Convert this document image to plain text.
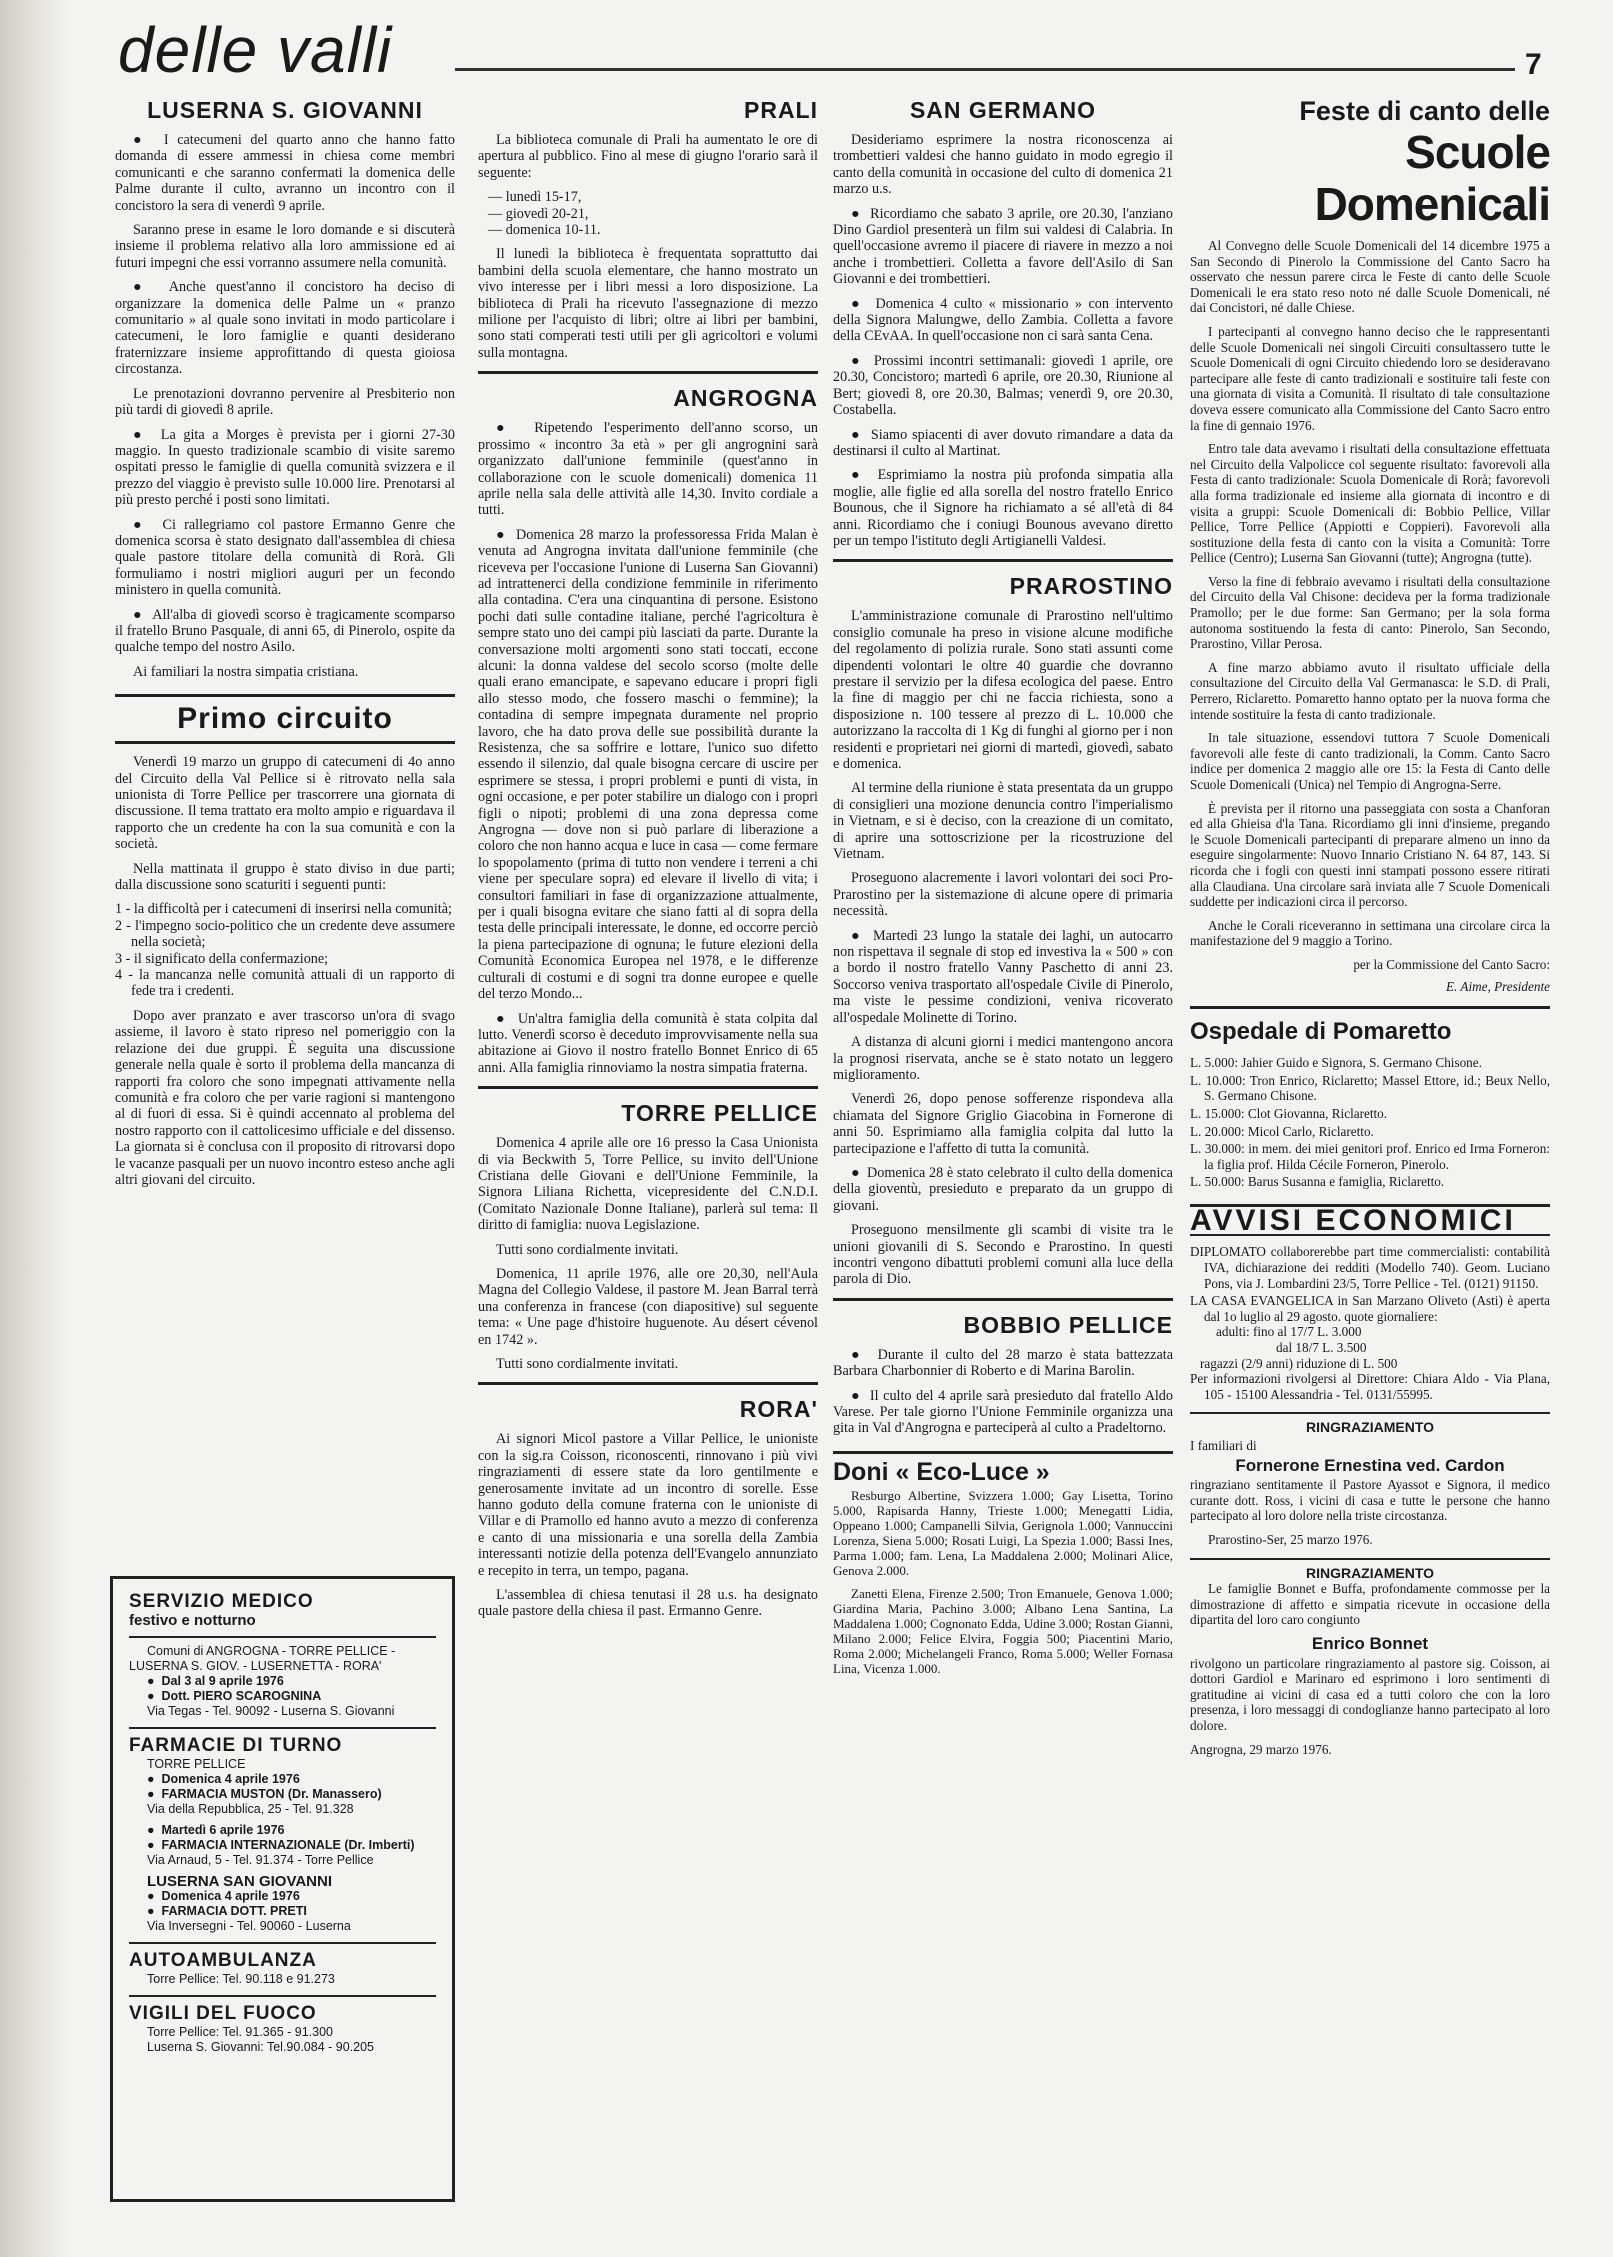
delle valli	7
LUSERNA S. GIOVANNI

●  I catecumeni del quarto anno che hanno fatto domanda di essere ammessi in chiesa come membri comunicanti e che saranno confermati la domenica delle Palme durante il culto, avranno un incontro con il concistoro la sera di venerdì 9 aprile.

Saranno prese in esame le loro domande e si discuterà insieme il problema relativo alla loro ammissione ed ai futuri impegni che essi vorranno assumere nella comunità.

●  Anche quest'anno il concistoro ha deciso di organizzare la domenica delle Palme un « pranzo comunitario » al quale sono invitati in modo particolare i catecumeni, le loro famiglie e quanti desiderano fraternizzare insieme approfittando di questa gioiosa circostanza.

Le prenotazioni dovranno pervenire al Presbiterio non più tardi di giovedì 8 aprile.

●  La gita a Morges è prevista per i giorni 27-30 maggio. In questo tradizionale scambio di visite saremo ospitati presso le famiglie di quella comunità svizzera e il prezzo del viaggio è previsto sulle 10.000 lire. Prenotarsi al più presto perché i posti sono limitati.

●  Ci rallegriamo col pastore Ermanno Genre che domenica scorsa è stato designato dall'assemblea di chiesa quale pastore titolare della comunità di Rorà. Gli formuliamo i nostri migliori auguri per un fecondo ministero in quella comunità.

●  All'alba di giovedì scorso è tragicamente scomparso il fratello Bruno Pasquale, di anni 65, di Pinerolo, ospite da qualche tempo del nostro Asilo.

Ai familiari la nostra simpatia cristiana.

Primo circuito

Venerdì 19 marzo un gruppo di catecumeni di 4o anno del Circuito della Val Pellice si è ritrovato nella sala unionista di Torre Pellice per trascorrere una giornata di discussione. Il tema trattato era molto ampio e riguardava il rapporto che un credente ha con la sua comunità e con la società.

Nella mattinata il gruppo è stato diviso in due parti; dalla discussione sono scaturiti i seguenti punti:

1 - la difficoltà per i catecumeni di inserirsi nella comunità;
2 - l'impegno socio-politico che un credente deve assumere nella società;
3 - il significato della confermazione;
4 - la mancanza nelle comunità attuali di un rapporto di fede tra i credenti.

Dopo aver pranzato e aver trascorso un'ora di svago assieme, il lavoro è stato ripreso nel pomeriggio con la relazione dei due gruppi. È seguita una discussione generale nella quale è sorto il problema della mancanza di rapporti fra coloro che sono impegnati attivamente nella comunità e fra coloro che per varie ragioni si mantengono al di fuori di essa. Si è quindi accennato al problema del nostro rapporto con il cattolicesimo ufficiale e del dissenso. La giornata si è conclusa con il proposito di ritrovarsi dopo le vacanze pasquali per un nuovo incontro esteso anche agli altri giovani del circuito.

SERVIZIO MEDICO
festivo e notturno

Comuni di ANGROGNA - TORRE PELLICE - LUSERNA S. GIOV. - LUSERNETTA - RORA'

●  Dal 3 al 9 aprile 1976

●  Dott. PIERO SCAROGNINA

Via Tegas - Tel. 90092 - Luserna S. Giovanni

FARMACIE DI TURNO

TORRE PELLICE

●  Domenica 4 aprile 1976

●  FARMACIA MUSTON (Dr. Manassero)

Via della Repubblica, 25 - Tel. 91.328

●  Martedì 6 aprile 1976

●  FARMACIA INTERNAZIONALE (Dr. Imberti)

Via Arnaud, 5 - Tel. 91.374 - Torre Pellice

LUSERNA SAN GIOVANNI

●  Domenica 4 aprile 1976

●  FARMACIA DOTT. PRETI

Via Inversegni - Tel. 90060 - Luserna

AUTOAMBULANZA

Torre Pellice: Tel. 90.118 e 91.273

VIGILI DEL FUOCO

Torre Pellice: Tel. 91.365 - 91.300

Luserna S. Giovanni: Tel.90.084 - 90.205

PRALI

La biblioteca comunale di Prali ha aumentato le ore di apertura al pubblico. Fino al mese di giugno l'orario sarà il seguente:

— lunedì 15-17,
— giovedì 20-21,
— domenica 10-11.

Il lunedì la biblioteca è frequentata soprattutto dai bambini della scuola elementare, che hanno mostrato un vivo interesse per i libri messi a loro disposizione. La biblioteca di Prali ha ricevuto l'assegnazione di mezzo milione per l'acquisto di libri; oltre ai libri per bambini, sono stati comperati testi utili per gli agricoltori e volumi sulla montagna.

ANGROGNA

●  Ripetendo l'esperimento dell'anno scorso, un prossimo « incontro 3a età » per gli angrognini sarà organizzato dall'unione femminile (quest'anno in collaborazione con le scuole domenicali) domenica 11 aprile nella sala delle attività alle 14,30. Invito cordiale a tutti.

●  Domenica 28 marzo la professoressa Frida Malan è venuta ad Angrogna invitata dall'unione femminile (che riceveva per l'occasione l'unione di Luserna San Giovanni) ad intrattenerci della condizione femminile in riferimento alla contadina. C'era una cinquantina di persone. Esistono pochi dati sulle contadine italiane, perché l'agricoltura è sempre stato uno dei campi più lasciati da parte. Durante la conversazione molti argomenti sono stati toccati, eccone alcuni: la donna valdese del secolo scorso (molte delle quali erano emancipate, e sapevano educare i propri figli allo stesso modo, che fossero maschi o femmine); la contadina di sempre impegnata duramente nel proprio lavoro, che ha dato prova delle sue possibilità durante la Resistenza, che sa soffrire e lottare, l'unico suo difetto essendo il silenzio, dal quale bisogna cercare di uscire per esprimere se stessa, i propri problemi e punti di vista, in ogni occasione, e per poter stabilire un dialogo con i propri figli o nipoti; problemi di una zona depressa come Angrogna — dove non si può parlare di liberazione a coloro che non hanno acqua e luce in casa — come fermare lo spopolamento (prima di tutto non vendere i terreni a chi viene per speculare sopra) ed elevare il livello di vita; i consultori familiari in fase di organizzazione attualmente, per i quali bisogna evitare che siano fatti al di sopra della testa delle principali interessate, le donne, ed occorre perciò la piena partecipazione di ognuna; le future elezioni della Comunità Economica Europea nel 1978, e le differenze culturali di costumi e di sogni tra donne europee e quelle del terzo Mondo...

●  Un'altra famiglia della comunità è stata colpita dal lutto. Venerdì scorso è deceduto improvvisamente nella sua abitazione ai Giovo il nostro fratello Bonnet Enrico di 65 anni. Alla famiglia rinnoviamo la nostra simpatia fraterna.

TORRE PELLICE

Domenica 4 aprile alle ore 16 presso la Casa Unionista di via Beckwith 5, Torre Pellice, su invito dell'Unione Cristiana delle Giovani e dell'Unione Femminile, la Signora Liliana Richetta, vicepresidente del C.N.D.I. (Comitato Nazionale Donne Italiane), parlerà sul tema: Il diritto di famiglia: nuova Legislazione.

Tutti sono cordialmente invitati.

Domenica, 11 aprile 1976, alle ore 20,30, nell'Aula Magna del Collegio Valdese, il pastore M. Jean Barral terrà una conferenza in francese (con diapositive) sul seguente tema: « Une page d'histoire huguenote. Au désert cévenol en 1742 ».

Tutti sono cordialmente invitati.

RORA'

Ai signori Micol pastore a Villar Pellice, le unioniste con la sig.ra Coisson, riconoscenti, rinnovano i più vivi ringraziamenti di essere state da loro gentilmente e generosamente invitate ad un incontro di sorelle. Esse hanno goduto della comune fraterna con le unioniste di Villar e di Pramollo ed hanno avuto a mezzo di conferenza e canto di una missionaria e una sorella della Zambia interessanti notizie della potenza dell'Evangelo annunziato e recepito in terra, un tempo, pagana.

L'assemblea di chiesa tenutasi il 28 u.s. ha designato quale pastore della chiesa il past. Ermanno Genre.

SAN GERMANO

Desideriamo esprimere la nostra riconoscenza ai trombettieri valdesi che hanno guidato in modo egregio il canto della comunità in occasione del culto di domenica 21 marzo u.s.

●  Ricordiamo che sabato 3 aprile, ore 20.30, l'anziano Dino Gardiol presenterà un film sui valdesi di Calabria. In quell'occasione avremo il piacere di riavere in mezzo a noi anche i trombettieri. Colletta a favore dell'Asilo di San Giovanni e dei trombettieri.

●  Domenica 4 culto « missionario » con intervento della Signora Malungwe, dello Zambia. Colletta a favore della CEvAA. In quell'occasione non ci sarà santa Cena.

●  Prossimi incontri settimanali: giovedì 1 aprile, ore 20.30, Concistoro; martedì 6 aprile, ore 20.30, Riunione al Bert; giovedì 8, ore 20.30, Balmas; venerdì 9, ore 20.30, Costabella.

●  Siamo spiacenti di aver dovuto rimandare a data da destinarsi il culto al Martinat.

●  Esprimiamo la nostra più profonda simpatia alla moglie, alle figlie ed alla sorella del nostro fratello Enrico Bounous, che il Signore ha richiamato a sé all'età di 84 anni. Ricordiamo che i coniugi Bounous avevano diretto per un tempo l'istituto degli Artigianelli Valdesi.

PRAROSTINO

L'amministrazione comunale di Prarostino nell'ultimo consiglio comunale ha preso in visione alcune modifiche del regolamento di polizia rurale. Sono stati assunti come dipendenti volontari le oltre 40 guardie che dovranno prestare il servizio per la difesa ecologica del paese. Entro la fine di maggio per chi ne faccia richiesta, sono a disposizione n. 100 tessere al prezzo di L. 10.000 che autorizzano la raccolta di 1 Kg di funghi al giorno per i non residenti e proprietari nei giorni di martedì, giovedì, sabato e domenica.

Al termine della riunione è stata presentata da un gruppo di consiglieri una mozione denuncia contro l'imperialismo in Vietnam, e si è deciso, con la creazione di un comitato, di aprire una sottoscrizione per la ricostruzione del Vietnam.

Proseguono alacremente i lavori volontari dei soci Pro-Prarostino per la sistemazione di alcune opere di primaria necessità.

●  Martedì 23 lungo la statale dei laghi, un autocarro non rispettava il segnale di stop ed investiva la « 500 » con a bordo il nostro fratello Vanny Paschetto di anni 23. Soccorso veniva trasportato all'ospedale Civile di Pinerolo, ma viste le pessime condizioni, veniva ricoverato all'ospedale Molinette di Torino.

A distanza di alcuni giorni i medici mantengono ancora la prognosi riservata, anche se è stato notato un leggero miglioramento.

Venerdì 26, dopo penose sofferenze rispondeva alla chiamata del Signore Griglio Giacobina in Fornerone di anni 50. Esprimiamo alla famiglia colpita dal lutto la partecipazione e l'affetto di tutta la comunità.

●  Domenica 28 è stato celebrato il culto della domenica della gioventù, presieduto e preparato da un gruppo di giovani.

Proseguono mensilmente gli scambi di visite tra le unioni giovanili di S. Secondo e Prarostino. In questi incontri vengono dibattuti problemi comuni alla luce della parola di Dio.

BOBBIO PELLICE

●  Durante il culto del 28 marzo è stata battezzata Barbara Charbonnier di Roberto e di Marina Barolin.

●  Il culto del 4 aprile sarà presieduto dal fratello Aldo Varese. Per tale giorno l'Unione Femminile organizza una gita in Val d'Angrogna e parteciperà al culto a Pradeltorno.

Doni « Eco-Luce »

Resburgo Albertine, Svizzera 1.000; Gay Lisetta, Torino 5.000, Rapisarda Hanny, Trieste 1.000; Menegatti Lidia, Oppeano 1.000; Campanelli Silvia, Gerignola 1.000; Vannuccini Lorenza, Siena 5.000; Rosati Luigi, La Spezia 1.000; Bassi Ines, Parma 1.000; fam. Lena, La Maddalena 2.000; Molinari Alice, Genova 2.000.

Zanetti Elena, Firenze 2.500; Tron Emanuele, Genova 1.000; Giardina Maria, Pachino 3.000; Albano Lena Santina, La Maddalena 1.000; Cognonato Edda, Udine 3.000; Rostan Gianni, Milano 2.000; Felice Elvira, Foggia 500; Piacentini Mario, Roma 2.000; Michelangeli Franco, Roma 5.000; Weller Fornasa Lina, Vicenza 1.000.

Feste di canto delle
Scuole Domenicali

Al Convegno delle Scuole Domenicali del 14 dicembre 1975 a San Secondo di Pinerolo la Commissione del Canto Sacro ha osservato che nessun parere circa le Feste di canto delle Scuole Domenicali le era stato reso noto né dalle Scuole Domenicali, né dai Concistori, né dalle Chiese.

I partecipanti al convegno hanno deciso che le rappresentanti delle Scuole Domenicali nei singoli Circuiti consultassero tutte le Scuole Domenicali di ogni Circuito chiedendo loro se desideravano partecipare alle feste di canto tradizionali e sostituire tali feste con una giornata di visita a Comunità. Il risultato di tale consultazione doveva essere comunicato alla Commissione del Canto Sacro entro la fine di gennaio 1976.

Entro tale data avevamo i risultati della consultazione effettuata nel Circuito della Valpolicce col seguente risultato: favorevoli alla Festa di canto tradizionale: Scuola Domenicale di Rorà; favorevoli alla forma tradizionale ed insieme alla giornata di incontro e di visita a gruppi: Scuole Domenicali di: Bobbio Pellice, Villar Pellice, Torre Pellice (Appiotti e Coppieri). Favorevoli alla sostituzione della festa di canto con la visita a Comunità: Torre Pellice (Centro); Luserna San Giovanni (tutte); Angrogna (tutte).

Verso la fine di febbraio avevamo i risultati della consultazione del Circuito della Val Chisone: decideva per la forma tradizionale Pramollo; per le due forme: San Germano; per la sola forma autonoma sostituendo la festa di canto: Pinerolo, San Secondo, Prarostino, Villar Perosa.

A fine marzo abbiamo avuto il risultato ufficiale della consultazione del Circuito della Val Germanasca: le S.D. di Prali, Perrero, Riclaretto. Pomaretto hanno optato per la nuova forma che intende sostituire la festa di canto tradizionale.

In tale situazione, essendovi tuttora 7 Scuole Domenicali favorevoli alle feste di canto tradizionali, la Comm. Canto Sacro indice per domenica 2 maggio alle ore 15: la Festa di Canto delle Scuole Domenicali (Unica) nel Tempio di Angrogna-Serre.

È prevista per il ritorno una passeggiata con sosta a Chanforan ed alla Ghieisa d'la Tana. Ricordiamo gli inni d'insieme, pregando le Scuole Domenicali partecipanti di preparare almeno un inno da eseguire singolarmente: Nuovo Innario Cristiano N. 64 87, 143. Si ricorda che i fogli con questi inni stampati possono essere ritirati alla Claudiana. Una circolare sarà inviata alle 7 Scuole Domenicali suddette per indicazioni circa il percorso.

Anche le Corali riceveranno in settimana una circolare circa la manifestazione del 9 maggio a Torino.

per la Commissione del Canto Sacro:
E. Aime, Presidente
Ospedale di Pomaretto

L. 5.000: Jahier Guido e Signora, S. Germano Chisone.

L. 10.000: Tron Enrico, Riclaretto; Massel Ettore, id.; Beux Nello, S. Germano Chisone.

L. 15.000: Clot Giovanna, Riclaretto.

L. 20.000: Micol Carlo, Riclaretto.

L. 30.000: in mem. dei miei genitori prof. Enrico ed Irma Forneron: la figlia prof. Hilda Cécile Forneron, Pinerolo.

L. 50.000: Barus Susanna e famiglia, Riclaretto.

AVVISI ECONOMICI

DIPLOMATO collaborerebbe part time commercialisti: contabilità IVA, dichiarazione dei redditi (Modello 740). Geom. Luciano Pons, via J. Lombardini 23/5, Torre Pellice - Tel. (0121) 91150.

LA CASA EVANGELICA in San Marzano Oliveto (Asti) è aperta dal 1o luglio al 29 agosto. quote giornaliere:

adulti: fino al 17/7 L. 3.000

dal 18/7 L. 3.500

ragazzi (2/9 anni) riduzione di L. 500

Per informazioni rivolgersi al Direttore: Chiara Aldo - Via Plana, 105 - 15100 Alessandria - Tel. 0131/55995.

RINGRAZIAMENTO

I familiari di

Fornerone Ernestina ved. Cardon

ringraziano sentitamente il Pastore Ayassot e Signora, il medico curante dott. Ross, i vicini di casa e tutte le persone che hanno partecipato al loro dolore nella triste circostanza.

Prarostino-Ser, 25 marzo 1976.

RINGRAZIAMENTO

Le famiglie Bonnet e Buffa, profondamente commosse per la dimostrazione di affetto e simpatia ricevute in occasione della dipartita del loro caro congiunto

Enrico Bonnet

rivolgono un particolare ringraziamento al pastore sig. Coisson, ai dottori Gardiol e Marinaro ed esprimono i loro sentimenti di gratitudine ai vicini di casa ed a tutti coloro che con la loro presenza, i loro messaggi di condoglianze hanno partecipato al loro dolore.

Angrogna, 29 marzo 1976.
